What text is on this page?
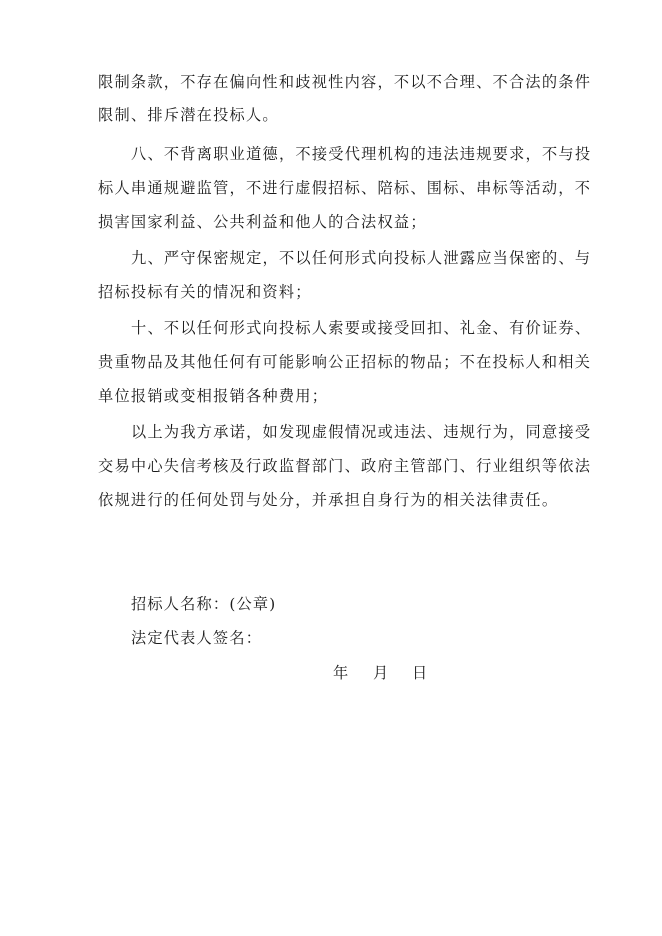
限制条款，不存在偏向性和歧视性内容，不以不合理、不合法的条件
限制、排斥潜在投标人。
八、不背离职业道德，不接受代理机构的违法违规要求，不与投
标人串通规避监管，不进行虚假招标、陪标、围标、串标等活动，不
损害国家利益、公共利益和他人的合法权益；
九、严守保密规定，不以任何形式向投标人泄露应当保密的、与
招标投标有关的情况和资料；
十、不以任何形式向投标人索要或接受回扣、礼金、有价证券、
贵重物品及其他任何有可能影响公正招标的物品；不在投标人和相关
单位报销或变相报销各种费用；
以上为我方承诺，如发现虚假情况或违法、违规行为，同意接受
交易中心失信考核及行政监督部门、政府主管部门、行业组织等依法
依规进行的任何处罚与处分，并承担自身行为的相关法律责任。
招标人名称：(公章)
法定代表人签名：
年 月 日
